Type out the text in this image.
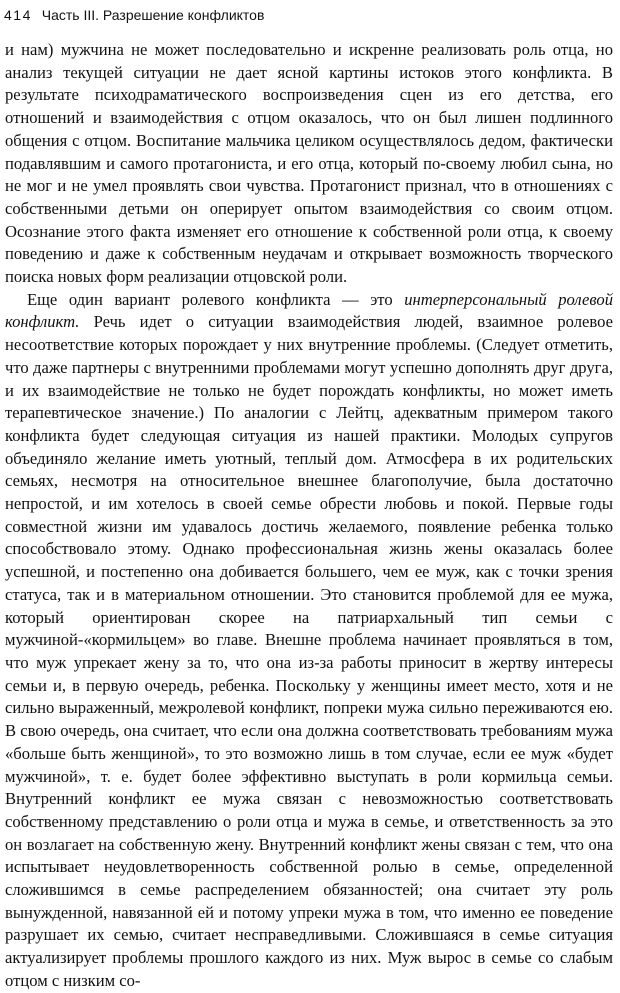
414 Часть III. Разрешение конфликтов

и нам) мужчина не может последовательно и искренне реализовать роль отца, но анализ текущей ситуации не дает ясной картины истоков этого конфликта. В результате психодраматического воспроизведения сцен из его детства, его отношений и взаимодействия с отцом оказалось, что он был лишен подлинного общения с отцом. Воспитание мальчика целиком осуществлялось дедом, фактически подавлявшим и самого протагониста, и его отца, который по-своему любил сына, но не мог и не умел проявлять свои чувства. Протагонист признал, что в отношениях с собственными детьми он оперирует опытом взаимодействия со своим отцом. Осознание этого факта изменяет его отношение к собственной роли отца, к своему поведению и даже к собственным неудачам и открывает возможность творческого поиска новых форм реализации отцовской роли.

Еще один вариант ролевого конфликта — это интерперсональный ролевой конфликт. Речь идет о ситуации взаимодействия людей, взаимное ролевое несоответствие которых порождает у них внутренние проблемы. (Следует отметить, что даже партнеры с внутренними проблемами могут успешно дополнять друг друга, и их взаимодействие не только не будет порождать конфликты, но может иметь терапевтическое значение.) По аналогии с Лейтц, адекватным примером такого конфликта будет следующая ситуация из нашей практики. Молодых супругов объединяло желание иметь уютный, теплый дом. Атмосфера в их родительских семьях, несмотря на относительное внешнее благополучие, была достаточно непростой, и им хотелось в своей семье обрести любовь и покой. Первые годы совместной жизни им удавалось достичь желаемого, появление ребенка только способствовало этому. Однако профессиональная жизнь жены оказалась более успешной, и постепенно она добивается большего, чем ее муж, как с точки зрения статуса, так и в материальном отношении. Это становится проблемой для ее мужа, который ориентирован скорее на патриархальный тип семьи с мужчиной-«кормильцем» во главе. Внешне проблема начинает проявляться в том, что муж упрекает жену за то, что она из-за работы приносит в жертву интересы семьи и, в первую очередь, ребенка. Поскольку у женщины имеет место, хотя и не сильно выраженный, межролевой конфликт, попреки мужа сильно переживаются ею. В свою очередь, она считает, что если она должна соответствовать требованиям мужа «больше быть женщиной», то это возможно лишь в том случае, если ее муж «будет мужчиной», т. е. будет более эффективно выступать в роли кормильца семьи. Внутренний конфликт ее мужа связан с невозможностью соответствовать собственному представлению о роли отца и мужа в семье, и ответственность за это он возлагает на собственную жену. Внутренний конфликт жены связан с тем, что она испытывает неудовлетворенность собственной ролью в семье, определенной сложившимся в семье распределением обязанностей; она считает эту роль вынужденной, навязанной ей и потому упреки мужа в том, что именно ее поведение разрушает их семью, считает несправедливыми. Сложившаяся в семье ситуация актуализирует проблемы прошлого каждого из них. Муж вырос в семье со слабым отцом с низким со-
